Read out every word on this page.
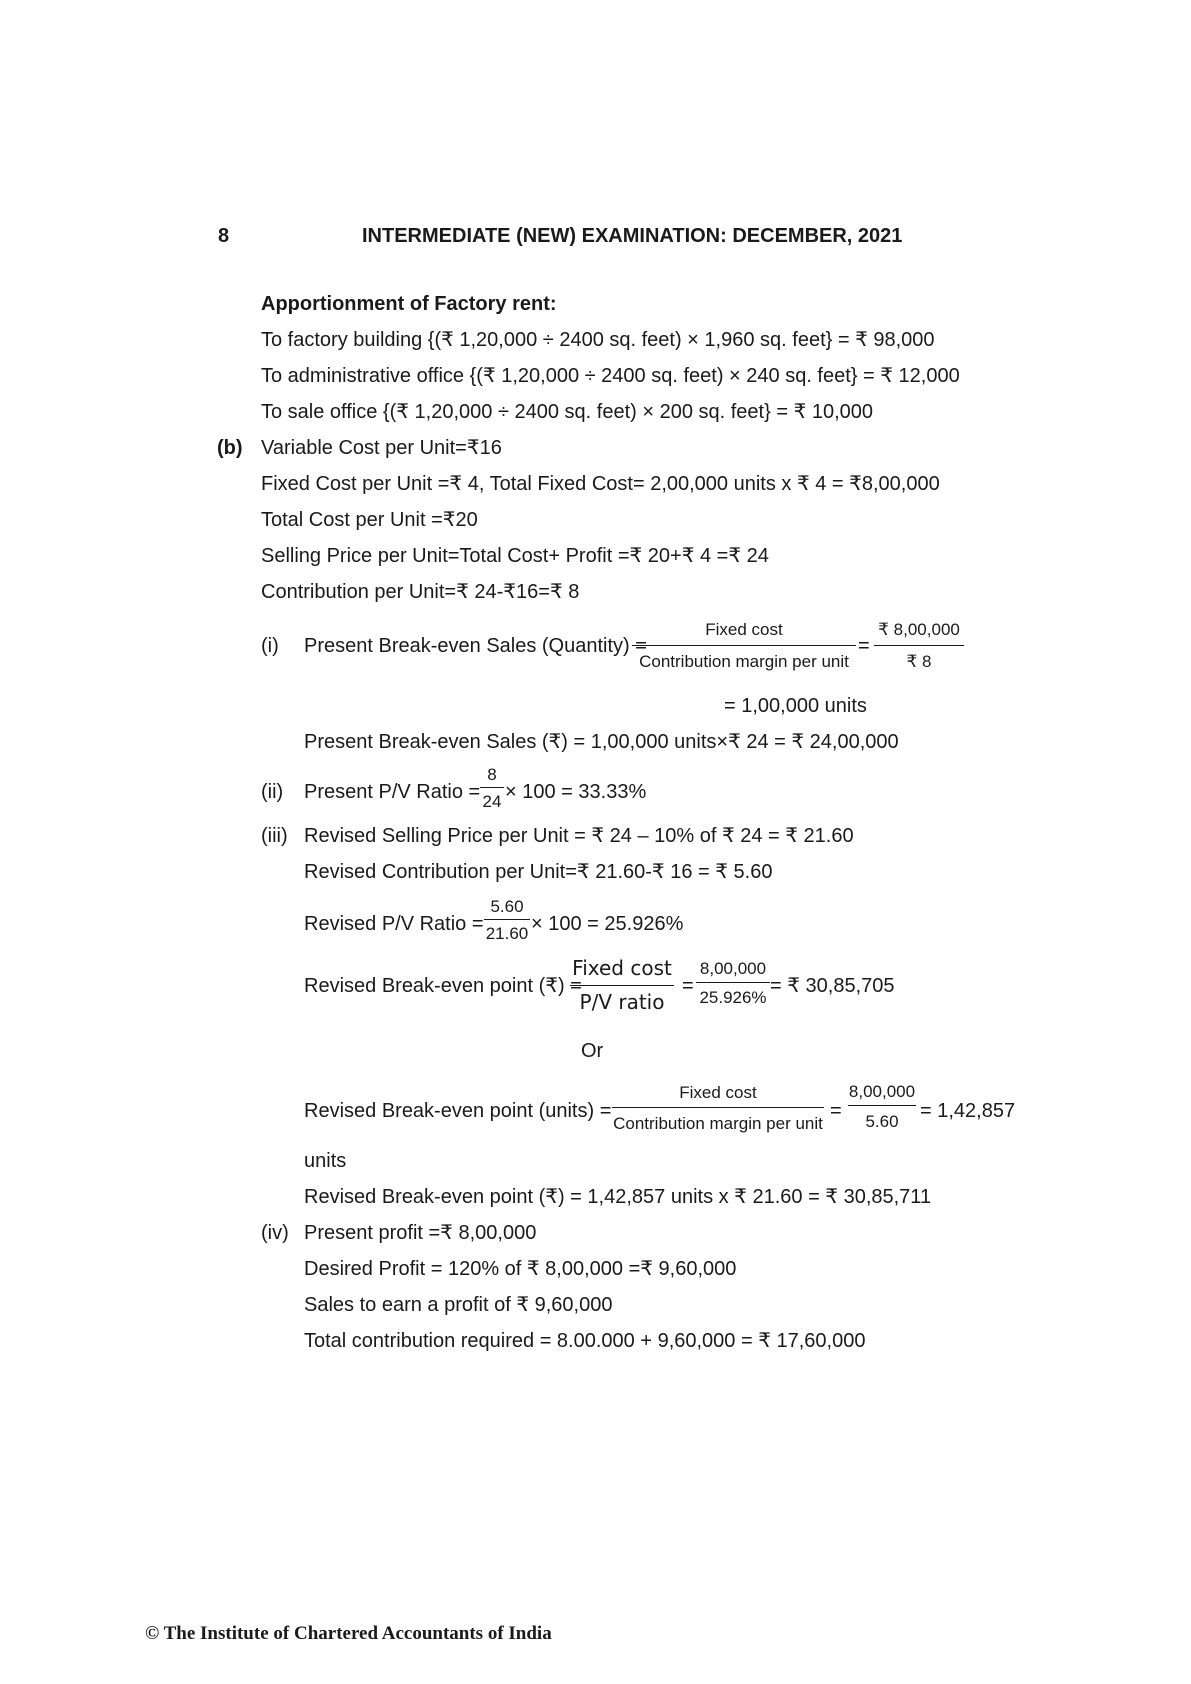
8	INTERMEDIATE (NEW) EXAMINATION: DECEMBER, 2021
Apportionment of Factory rent:
To factory building {(₹ 1,20,000 ÷ 2400 sq. feet) × 1,960 sq. feet} = ₹ 98,000
To administrative office {(₹ 1,20,000 ÷ 2400 sq. feet) × 240 sq. feet} = ₹ 12,000
To sale office {(₹ 1,20,000 ÷ 2400 sq. feet) × 200 sq. feet} = ₹ 10,000
(b) Variable Cost per Unit=₹16
Fixed Cost per Unit =₹ 4, Total Fixed Cost= 2,00,000 units x ₹ 4 = ₹8,00,000
Total Cost per Unit =₹20
Selling Price per Unit=Total Cost+ Profit =₹ 20+₹ 4 =₹ 24
Contribution per Unit=₹ 24-₹16=₹ 8
(i) Present Break-even Sales (Quantity) =
Fixed cost
Contribution margin per unit
=
₹ 8,00,000
₹ 8
= 1,00,000 units
Present Break-even Sales (₹) = 1,00,000 units×₹ 24 = ₹ 24,00,000
(ii) Present P/V Ratio =
8
24 × 100 = 33.33%
(iii) Revised Selling Price per Unit = ₹ 24 – 10% of ₹ 24 = ₹ 21.60
Revised Contribution per Unit=₹ 21.60-₹ 16 = ₹ 5.60
Revised P/V Ratio =
5.60
21.60 × 100 = 25.926%
Revised Break-even point (₹) =
Fixed cost
P/V ratio
=
8,00,000
25.926%
= ₹ 30,85,705
Or
Revised Break-even point (units) =
Fixed cost
Contribution margin per unit
=
8,00,000
5.60	= 1,42,857
units
Revised Break-even point (₹) = 1,42,857 units x ₹ 21.60 = ₹ 30,85,711
(iv) Present profit =₹ 8,00,000
Desired Profit = 120% of ₹ 8,00,000 =₹ 9,60,000
Sales to earn a profit of ₹ 9,60,000
Total contribution required = 8.00.000 + 9,60,000 = ₹ 17,60,000
© The Institute of Chartered Accountants of India
